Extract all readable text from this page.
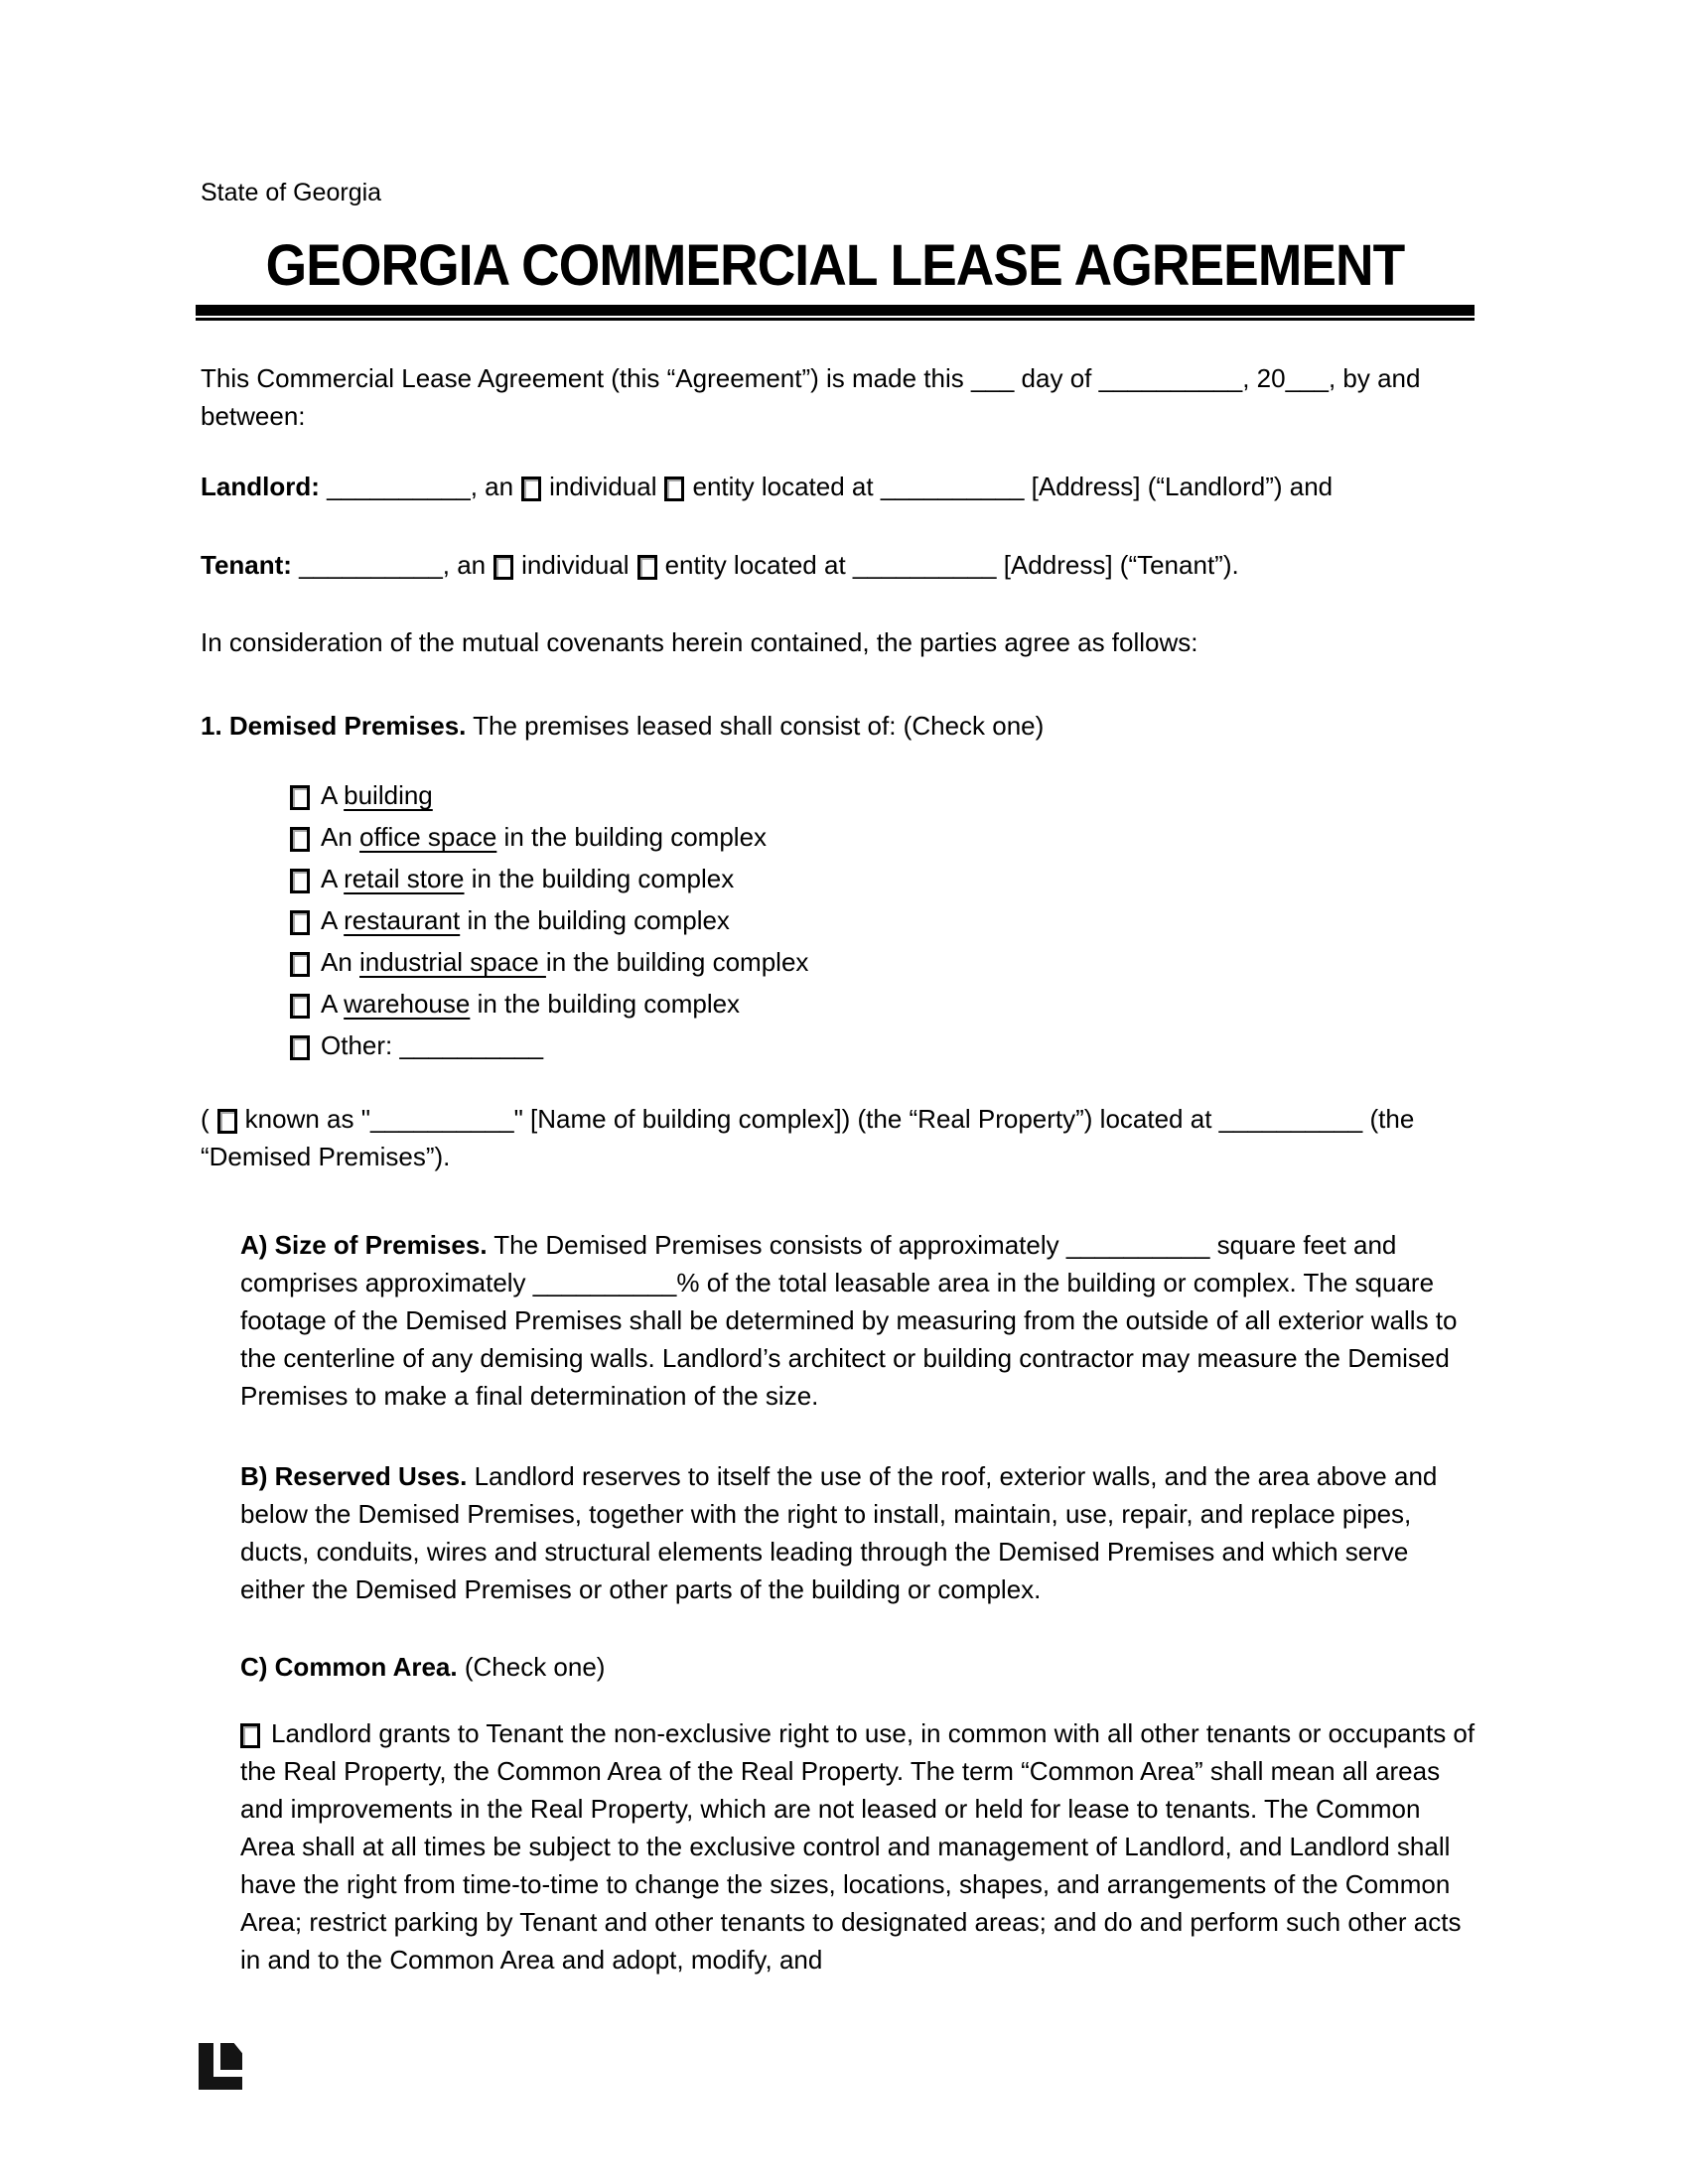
State of Georgia

GEORGIA COMMERCIAL LEASE AGREEMENT

This Commercial Lease Agreement (this “Agreement”) is made this ___ day of __________, 20___, by and between:

Landlord: __________, an individual entity located at __________ [Address] (“Landlord”) and

Tenant: __________, an individual entity located at __________ [Address] (“Tenant”).

In consideration of the mutual covenants herein contained, the parties agree as follows:

1. Demised Premises. The premises leased shall consist of: (Check one)

A building
An office space in the building complex
A retail store in the building complex
A restaurant in the building complex
An industrial space in the building complex
A warehouse in the building complex
Other: __________

( known as "__________" [Name of building complex]) (the “Real Property”) located at __________ (the “Demised Premises”).

A) Size of Premises. The Demised Premises consists of approximately __________ square feet and comprises approximately __________% of the total leasable area in the building or complex. The square footage of the Demised Premises shall be determined by measuring from the outside of all exterior walls to the centerline of any demising walls. Landlord’s architect or building contractor may measure the Demised Premises to make a final determination of the size.

B) Reserved Uses. Landlord reserves to itself the use of the roof, exterior walls, and the area above and below the Demised Premises, together with the right to install, maintain, use, repair, and replace pipes, ducts, conduits, wires and structural elements leading through the Demised Premises and which serve either the Demised Premises or other parts of the building or complex.

C) Common Area. (Check one)

Landlord grants to Tenant the non-exclusive right to use, in common with all other tenants or occupants of the Real Property, the Common Area of the Real Property. The term “Common Area” shall mean all areas and improvements in the Real Property, which are not leased or held for lease to tenants. The Common Area shall at all times be subject to the exclusive control and management of Landlord, and Landlord shall have the right from time-to-time to change the sizes, locations, shapes, and arrangements of the Common Area; restrict parking by Tenant and other tenants to designated areas; and do and perform such other acts in and to the Common Area and adopt, modify, and
